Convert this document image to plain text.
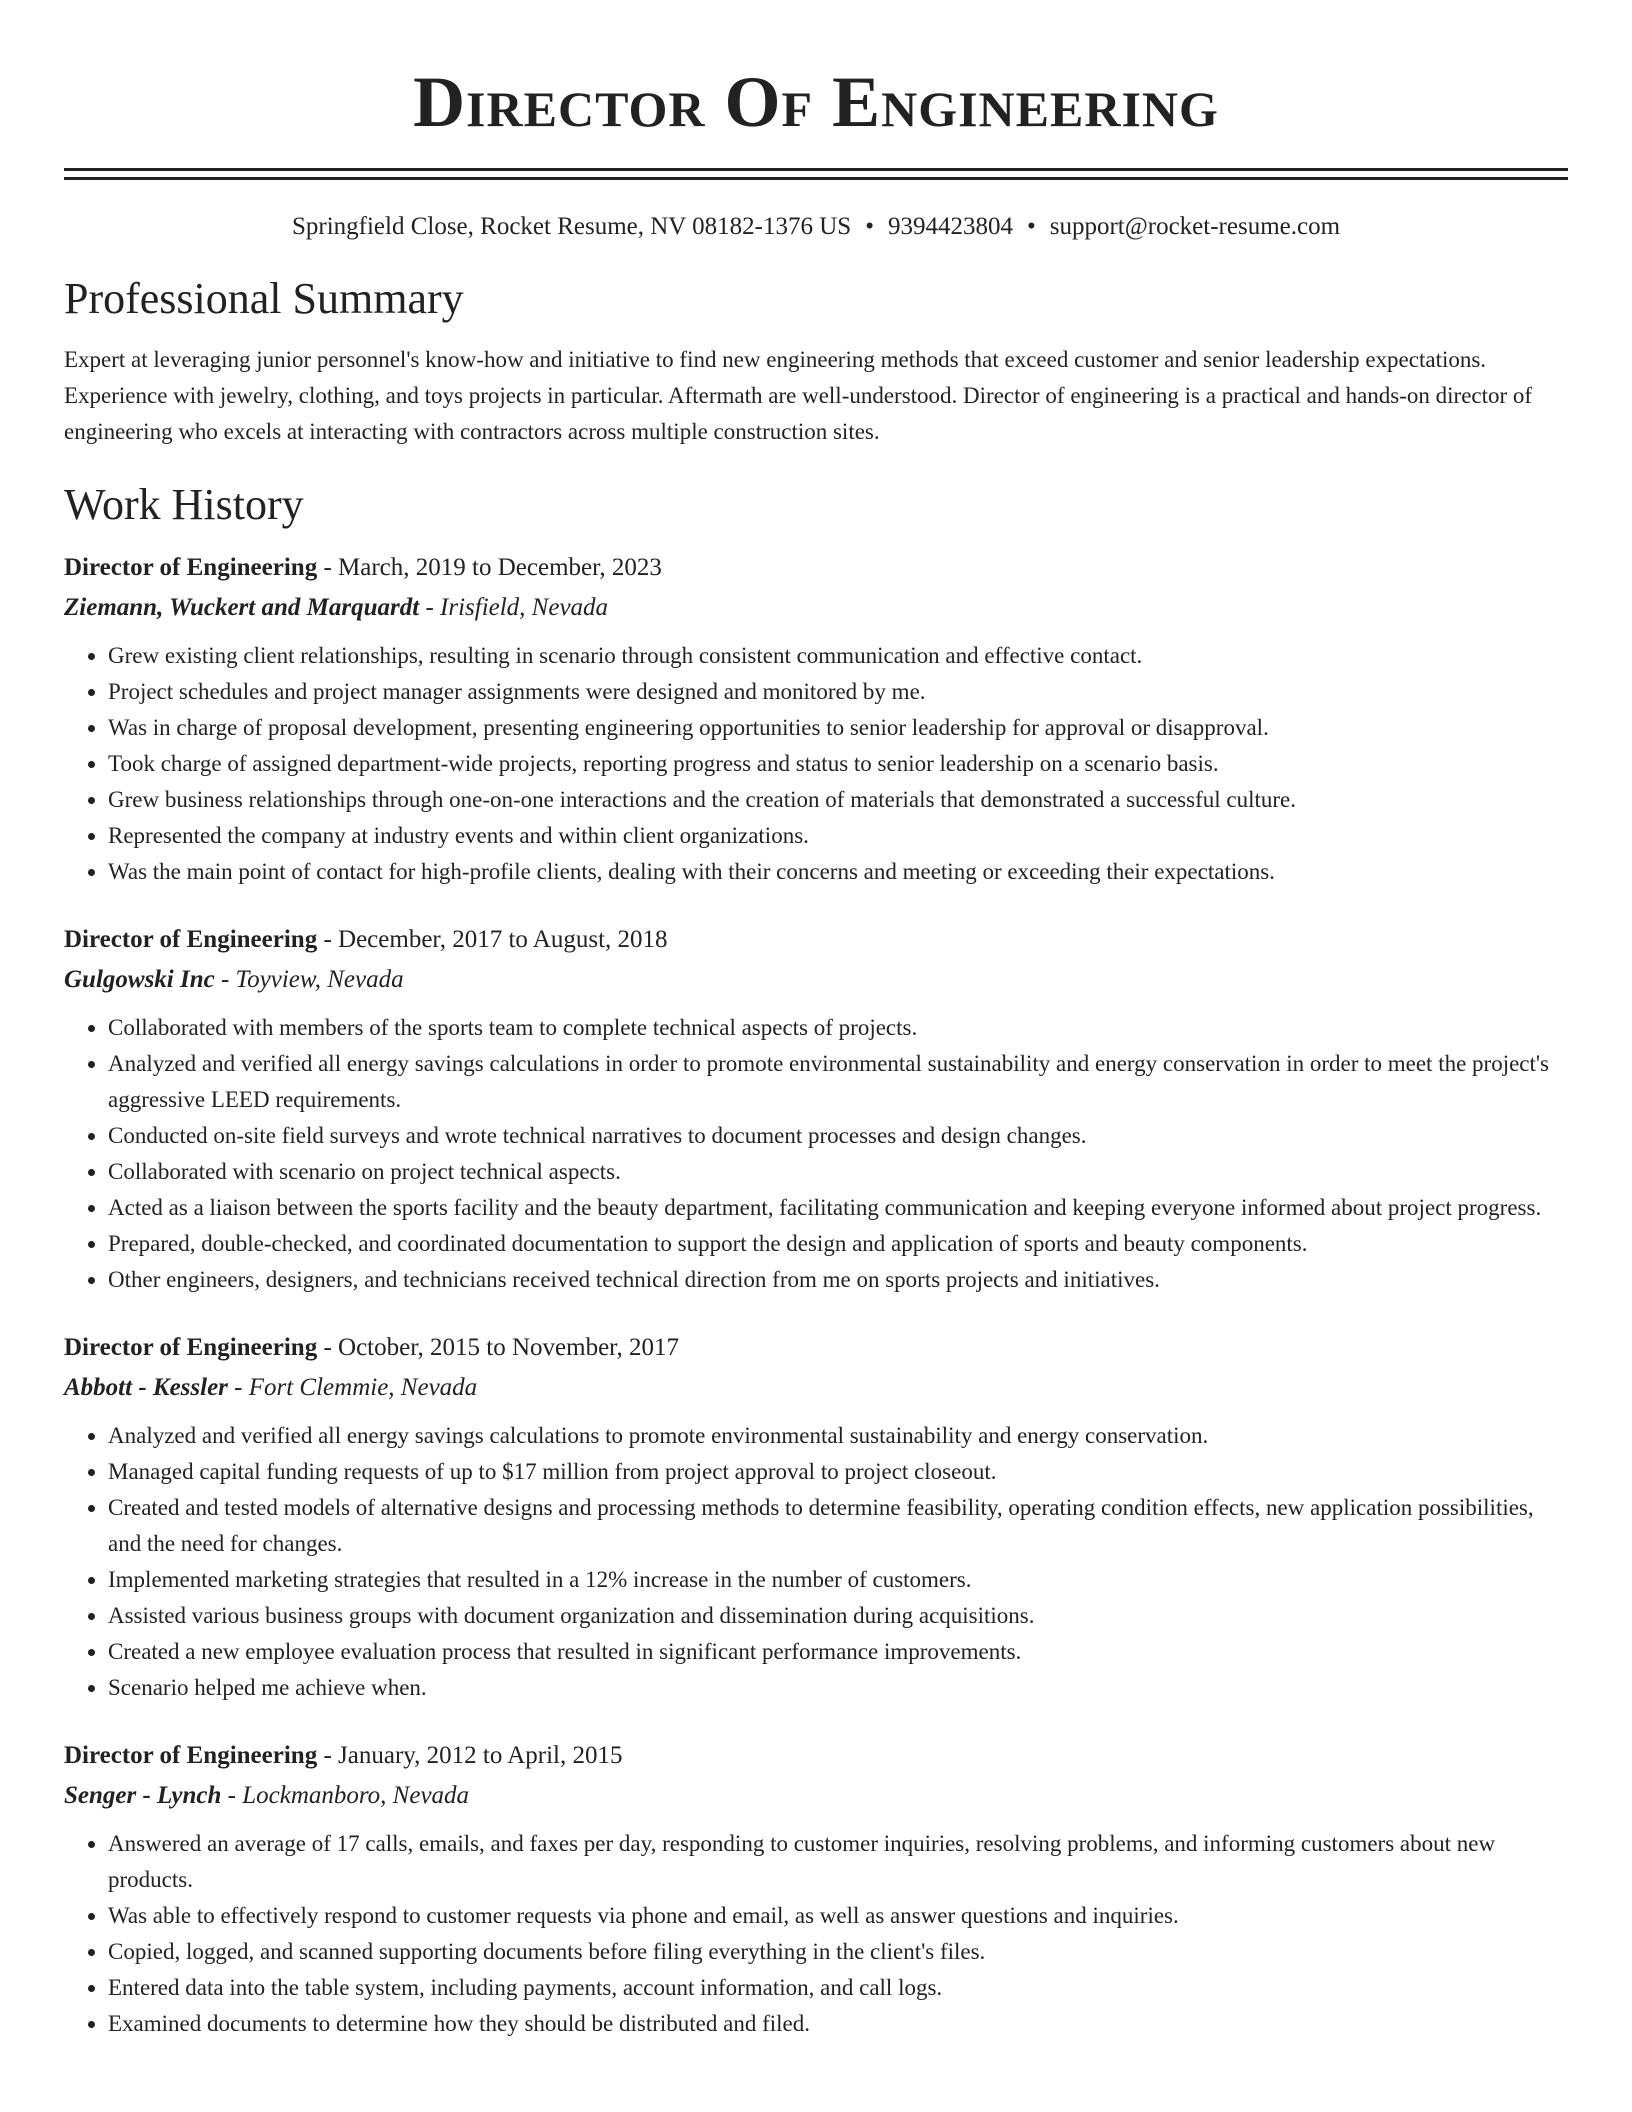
Director Of Engineering
Springfield Close, Rocket Resume, NV 08182-1376 US • 9394423804 • support@rocket-resume.com
Professional Summary

Expert at leveraging junior personnel's know-how and initiative to find new engineering methods that exceed customer and senior leadership expectations. Experience with jewelry, clothing, and toys projects in particular. Aftermath are well-understood. Director of engineering is a practical and hands-on director of engineering who excels at interacting with contractors across multiple construction sites.

Work History
Director of Engineering - March, 2019 to December, 2023
Ziemann, Wuckert and Marquardt - Irisfield, Nevada
• Grew existing client relationships, resulting in scenario through consistent communication and effective contact.
• Project schedules and project manager assignments were designed and monitored by me.
• Was in charge of proposal development, presenting engineering opportunities to senior leadership for approval or disapproval.
• Took charge of assigned department-wide projects, reporting progress and status to senior leadership on a scenario basis.
• Grew business relationships through one-on-one interactions and the creation of materials that demonstrated a successful culture.
• Represented the company at industry events and within client organizations.
• Was the main point of contact for high-profile clients, dealing with their concerns and meeting or exceeding their expectations.
Director of Engineering - December, 2017 to August, 2018
Gulgowski Inc - Toyview, Nevada
• Collaborated with members of the sports team to complete technical aspects of projects.
• Analyzed and verified all energy savings calculations in order to promote environmental sustainability and energy conservation in order to meet the project's aggressive LEED requirements.
• Conducted on-site field surveys and wrote technical narratives to document processes and design changes.
• Collaborated with scenario on project technical aspects.
• Acted as a liaison between the sports facility and the beauty department, facilitating communication and keeping everyone informed about project progress.
• Prepared, double-checked, and coordinated documentation to support the design and application of sports and beauty components.
• Other engineers, designers, and technicians received technical direction from me on sports projects and initiatives.
Director of Engineering - October, 2015 to November, 2017
Abbott - Kessler - Fort Clemmie, Nevada
• Analyzed and verified all energy savings calculations to promote environmental sustainability and energy conservation.
• Managed capital funding requests of up to $17 million from project approval to project closeout.
• Created and tested models of alternative designs and processing methods to determine feasibility, operating condition effects, new application possibilities, and the need for changes.
• Implemented marketing strategies that resulted in a 12% increase in the number of customers.
• Assisted various business groups with document organization and dissemination during acquisitions.
• Created a new employee evaluation process that resulted in significant performance improvements.
• Scenario helped me achieve when.
Director of Engineering - January, 2012 to April, 2015
Senger - Lynch - Lockmanboro, Nevada
• Answered an average of 17 calls, emails, and faxes per day, responding to customer inquiries, resolving problems, and informing customers about new products.
• Was able to effectively respond to customer requests via phone and email, as well as answer questions and inquiries.
• Copied, logged, and scanned supporting documents before filing everything in the client's files.
• Entered data into the table system, including payments, account information, and call logs.
• Examined documents to determine how they should be distributed and filed.
